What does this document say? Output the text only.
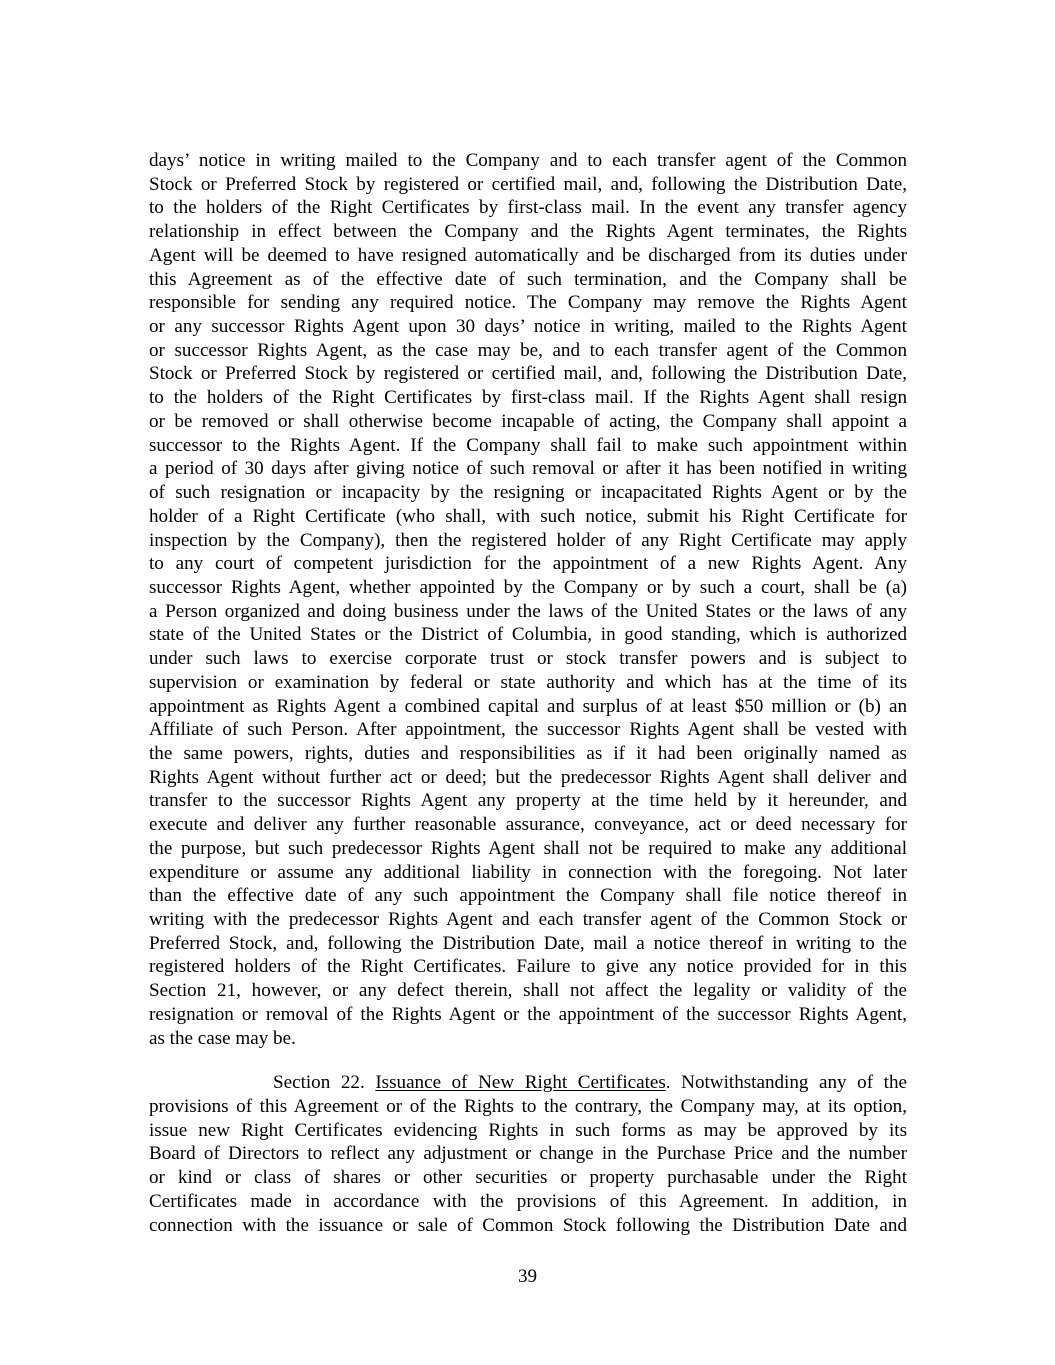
days’ notice in writing mailed to the Company and to each transfer agent of the Common
Stock or Preferred Stock by registered or certified mail, and, following the Distribution Date,
to the holders of the Right Certificates by first-class mail. In the event any transfer agency
relationship in effect between the Company and the Rights Agent terminates, the Rights
Agent will be deemed to have resigned automatically and be discharged from its duties under
this Agreement as of the effective date of such termination, and the Company shall be
responsible for sending any required notice. The Company may remove the Rights Agent
or any successor Rights Agent upon 30 days’ notice in writing, mailed to the Rights Agent
or successor Rights Agent, as the case may be, and to each transfer agent of the Common
Stock or Preferred Stock by registered or certified mail, and, following the Distribution Date,
to the holders of the Right Certificates by first-class mail. If the Rights Agent shall resign
or be removed or shall otherwise become incapable of acting, the Company shall appoint a
successor to the Rights Agent. If the Company shall fail to make such appointment within
a period of 30 days after giving notice of such removal or after it has been notified in writing
of such resignation or incapacity by the resigning or incapacitated Rights Agent or by the
holder of a Right Certificate (who shall, with such notice, submit his Right Certificate for
inspection by the Company), then the registered holder of any Right Certificate may apply
to any court of competent jurisdiction for the appointment of a new Rights Agent. Any
successor Rights Agent, whether appointed by the Company or by such a court, shall be (a)
a Person organized and doing business under the laws of the United States or the laws of any
state of the United States or the District of Columbia, in good standing, which is authorized
under such laws to exercise corporate trust or stock transfer powers and is subject to
supervision or examination by federal or state authority and which has at the time of its
appointment as Rights Agent a combined capital and surplus of at least $50 million or (b) an
Affiliate of such Person. After appointment, the successor Rights Agent shall be vested with
the same powers, rights, duties and responsibilities as if it had been originally named as
Rights Agent without further act or deed; but the predecessor Rights Agent shall deliver and
transfer to the successor Rights Agent any property at the time held by it hereunder, and
execute and deliver any further reasonable assurance, conveyance, act or deed necessary for
the purpose, but such predecessor Rights Agent shall not be required to make any additional
expenditure or assume any additional liability in connection with the foregoing. Not later
than the effective date of any such appointment the Company shall file notice thereof in
writing with the predecessor Rights Agent and each transfer agent of the Common Stock or
Preferred Stock, and, following the Distribution Date, mail a notice thereof in writing to the
registered holders of the Right Certificates. Failure to give any notice provided for in this
Section 21, however, or any defect therein, shall not affect the legality or validity of the
resignation or removal of the Rights Agent or the appointment of the successor Rights Agent,
as the case may be.
Section 22. Issuance of New Right Certificates. Notwithstanding any of the
provisions of this Agreement or of the Rights to the contrary, the Company may, at its option,
issue new Right Certificates evidencing Rights in such forms as may be approved by its
Board of Directors to reflect any adjustment or change in the Purchase Price and the number
or kind or class of shares or other securities or property purchasable under the Right
Certificates made in accordance with the provisions of this Agreement. In addition, in
connection with the issuance or sale of Common Stock following the Distribution Date and
39
